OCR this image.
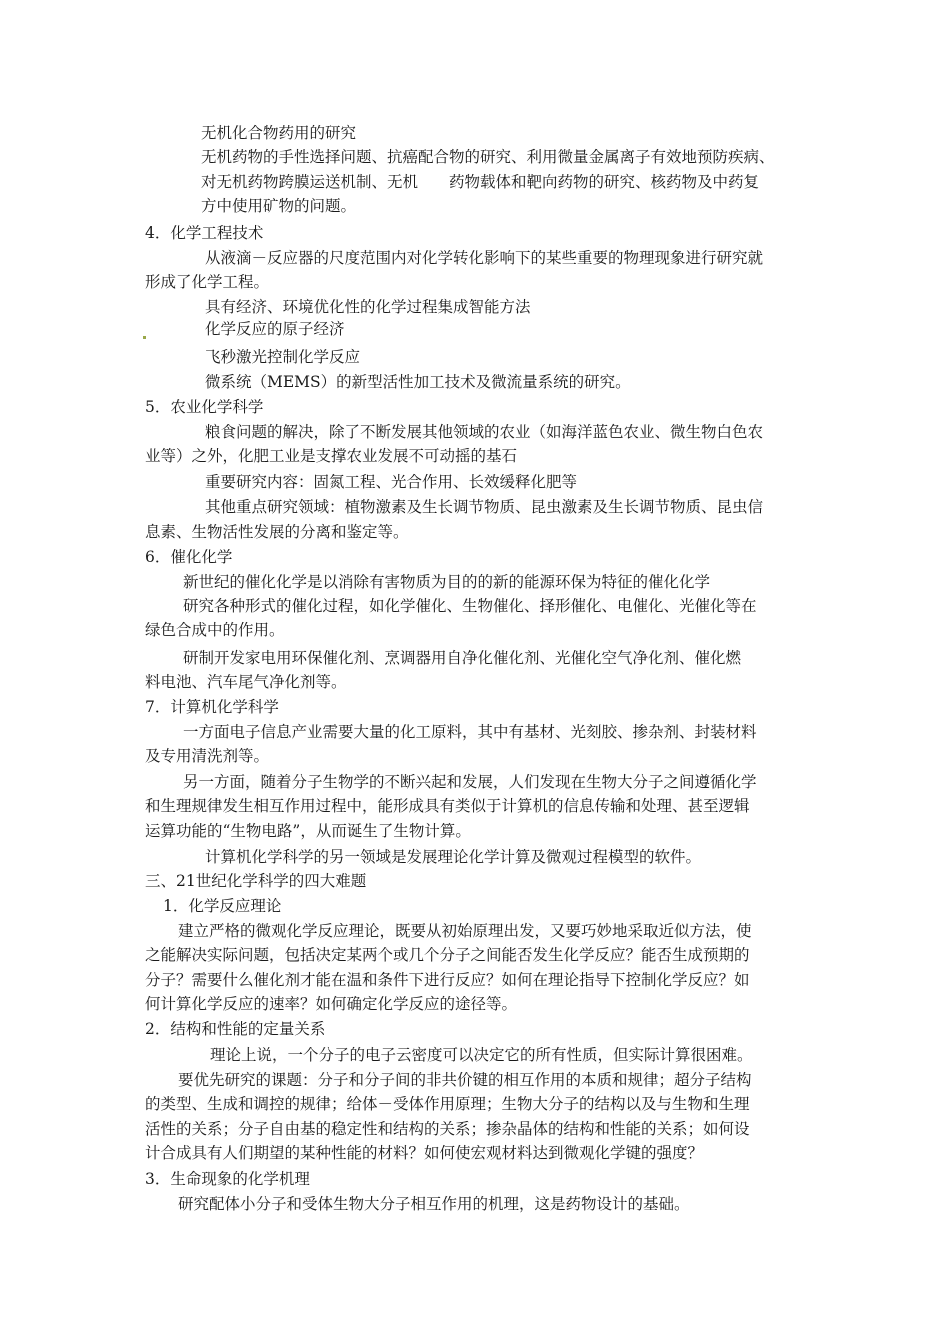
无机化合物药用的研究
无机药物的手性选择问题、抗癌配合物的研究、利用微量金属离子有效地预防疾病、
对无机药物跨膜运送机制、无机　　药物载体和靶向药物的研究、核药物及中药复
方中使用矿物的问题。
4．化学工程技术
从液滴－反应器的尺度范围内对化学转化影响下的某些重要的物理现象进行研究就
形成了化学工程。
具有经济、环境优化性的化学过程集成智能方法
化学反应的原子经济
飞秒激光控制化学反应
微系统（MEMS）的新型活性加工技术及微流量系统的研究。
5．农业化学科学
粮食问题的解决，除了不断发展其他领域的农业（如海洋蓝色农业、微生物白色农
业等）之外，化肥工业是支撑农业发展不可动摇的基石
重要研究内容：固氮工程、光合作用、长效缓释化肥等
其他重点研究领域：植物激素及生长调节物质、昆虫激素及生长调节物质、昆虫信
息素、生物活性发展的分离和鉴定等。
6．催化化学
新世纪的催化化学是以消除有害物质为目的的新的能源环保为特征的催化化学
研究各种形式的催化过程，如化学催化、生物催化、择形催化、电催化、光催化等在
绿色合成中的作用。
研制开发家电用环保催化剂、烹调器用自净化催化剂、光催化空气净化剂、催化燃
料电池、汽车尾气净化剂等。
7．计算机化学科学
一方面电子信息产业需要大量的化工原料，其中有基材、光刻胶、掺杂剂、封装材料
及专用清洗剂等。
另一方面，随着分子生物学的不断兴起和发展，人们发现在生物大分子之间遵循化学
和生理规律发生相互作用过程中，能形成具有类似于计算机的信息传输和处理、甚至逻辑
运算功能的“生物电路”，从而诞生了生物计算。
计算机化学科学的另一领域是发展理论化学计算及微观过程模型的软件。
三、21世纪化学科学的四大难题
1．化学反应理论
建立严格的微观化学反应理论，既要从初始原理出发，又要巧妙地采取近似方法，使
之能解决实际问题，包括决定某两个或几个分子之间能否发生化学反应？能否生成预期的
分子？需要什么催化剂才能在温和条件下进行反应？如何在理论指导下控制化学反应？如
何计算化学反应的速率？如何确定化学反应的途径等。
2．结构和性能的定量关系
理论上说，一个分子的电子云密度可以决定它的所有性质，但实际计算很困难。
要优先研究的课题：分子和分子间的非共价键的相互作用的本质和规律；超分子结构
的类型、生成和调控的规律；给体－受体作用原理；生物大分子的结构以及与生物和生理
活性的关系；分子自由基的稳定性和结构的关系；掺杂晶体的结构和性能的关系；如何设
计合成具有人们期望的某种性能的材料？如何使宏观材料达到微观化学键的强度？
3．生命现象的化学机理
研究配体小分子和受体生物大分子相互作用的机理，这是药物设计的基础。
